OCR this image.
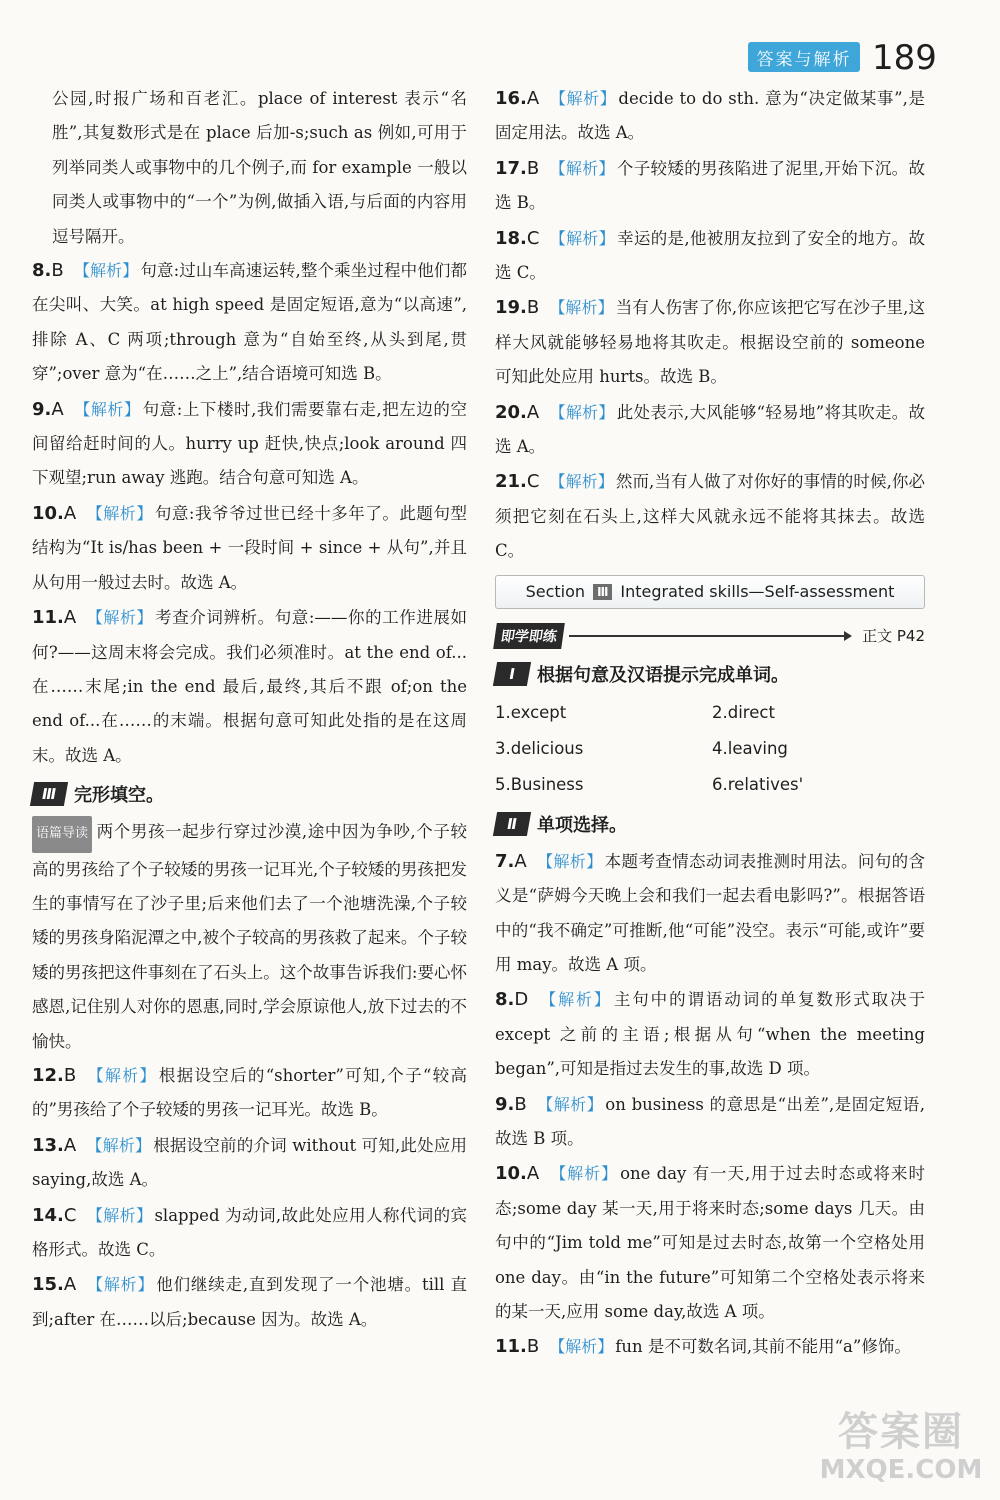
答案与解析 189

公园,时报广场和百老汇。place of interest 表示“名胜”,其复数形式是在 place 后加-s;such as 例如,可用于列举同类人或事物中的几个例子,而 for example 一般以同类人或事物中的“一个”为例,做插入语,与后面的内容用逗号隔开。

8.B 【解析】 句意:过山车高速运转,整个乘坐过程中他们都在尖叫、大笑。at high speed 是固定短语,意为“以高速”,排除 A、C 两项;through 意为“自始至终,从头到尾,贯穿”;over 意为“在……之上”,结合语境可知选 B。

9.A 【解析】 句意:上下楼时,我们需要靠右走,把左边的空间留给赶时间的人。hurry up 赶快,快点;look around 四下观望;run away 逃跑。结合句意可知选 A。

10.A 【解析】 句意:我爷爷过世已经十多年了。此题句型结构为“It is/has been + 一段时间 + since + 从句”,并且从句用一般过去时。故选 A。

11.A 【解析】 考查介词辨析。句意:——你的工作进展如何?——这周末将会完成。我们必须准时。at the end of...在……末尾;in the end 最后,最终,其后不跟 of;on the end of...在……的末端。根据句意可知此处指的是在这周末。故选 A。

Ⅲ 完形填空。

语篇导读 两个男孩一起步行穿过沙漠,途中因为争吵,个子较高的男孩给了个子较矮的男孩一记耳光,个子较矮的男孩把发生的事情写在了沙子里;后来他们去了一个池塘洗澡,个子较矮的男孩身陷泥潭之中,被个子较高的男孩救了起来。个子较矮的男孩把这件事刻在了石头上。这个故事告诉我们:要心怀感恩,记住别人对你的恩惠,同时,学会原谅他人,放下过去的不愉快。

12.B 【解析】 根据设空后的“shorter”可知,个子“较高的”男孩给了个子较矮的男孩一记耳光。故选 B。

13.A 【解析】 根据设空前的介词 without 可知,此处应用 saying,故选 A。

14.C 【解析】 slapped 为动词,故此处应用人称代词的宾格形式。故选 C。

15.A 【解析】 他们继续走,直到发现了一个池塘。till 直到;after 在……以后;because 因为。故选 A。

16.A 【解析】 decide to do sth. 意为“决定做某事”,是固定用法。故选 A。

17.B 【解析】 个子较矮的男孩陷进了泥里,开始下沉。故选 B。

18.C 【解析】 幸运的是,他被朋友拉到了安全的地方。故选 C。

19.B 【解析】 当有人伤害了你,你应该把它写在沙子里,这样大风就能够轻易地将其吹走。根据设空前的 someone 可知此处应用 hurts。故选 B。

20.A 【解析】 此处表示,大风能够“轻易地”将其吹走。故选 A。

21.C 【解析】 然而,当有人做了对你好的事情的时候,你必须把它刻在石头上,这样大风就永远不能将其抹去。故选 C。

Section	Ⅲ Integrated skills—Self-assessment
即学即练	正文 P42
Ⅰ	根据句意及汉语提示完成单词。
1.except	2.direct
3.delicious	4.leaving
5.Business	6.relatives'
Ⅱ	单项选择。

7.A 【解析】 本题考查情态动词表推测时用法。问句的含义是“萨姆今天晚上会和我们一起去看电影吗?”。根据答语中的“我不确定”可推断,他“可能”没空。表示“可能,或许”要用 may。故选 A 项。

8.D 【解析】 主句中的谓语动词的单复数形式取决于 except 之前的主语;根据从句“when the meeting began”,可知是指过去发生的事,故选 D 项。

9.B 【解析】 on business 的意思是“出差”,是固定短语,故选 B 项。

10.A 【解析】 one day 有一天,用于过去时态或将来时态;some day 某一天,用于将来时态;some days 几天。由句中的“Jim told me”可知是过去时态,故第一个空格处用 one day。由“in the future”可知第二个空格处表示将来的某一天,应用 some day,故选 A 项。

11.B 【解析】 fun 是不可数名词,其前不能用“a”修饰。

答案圈
MXQE.COM
